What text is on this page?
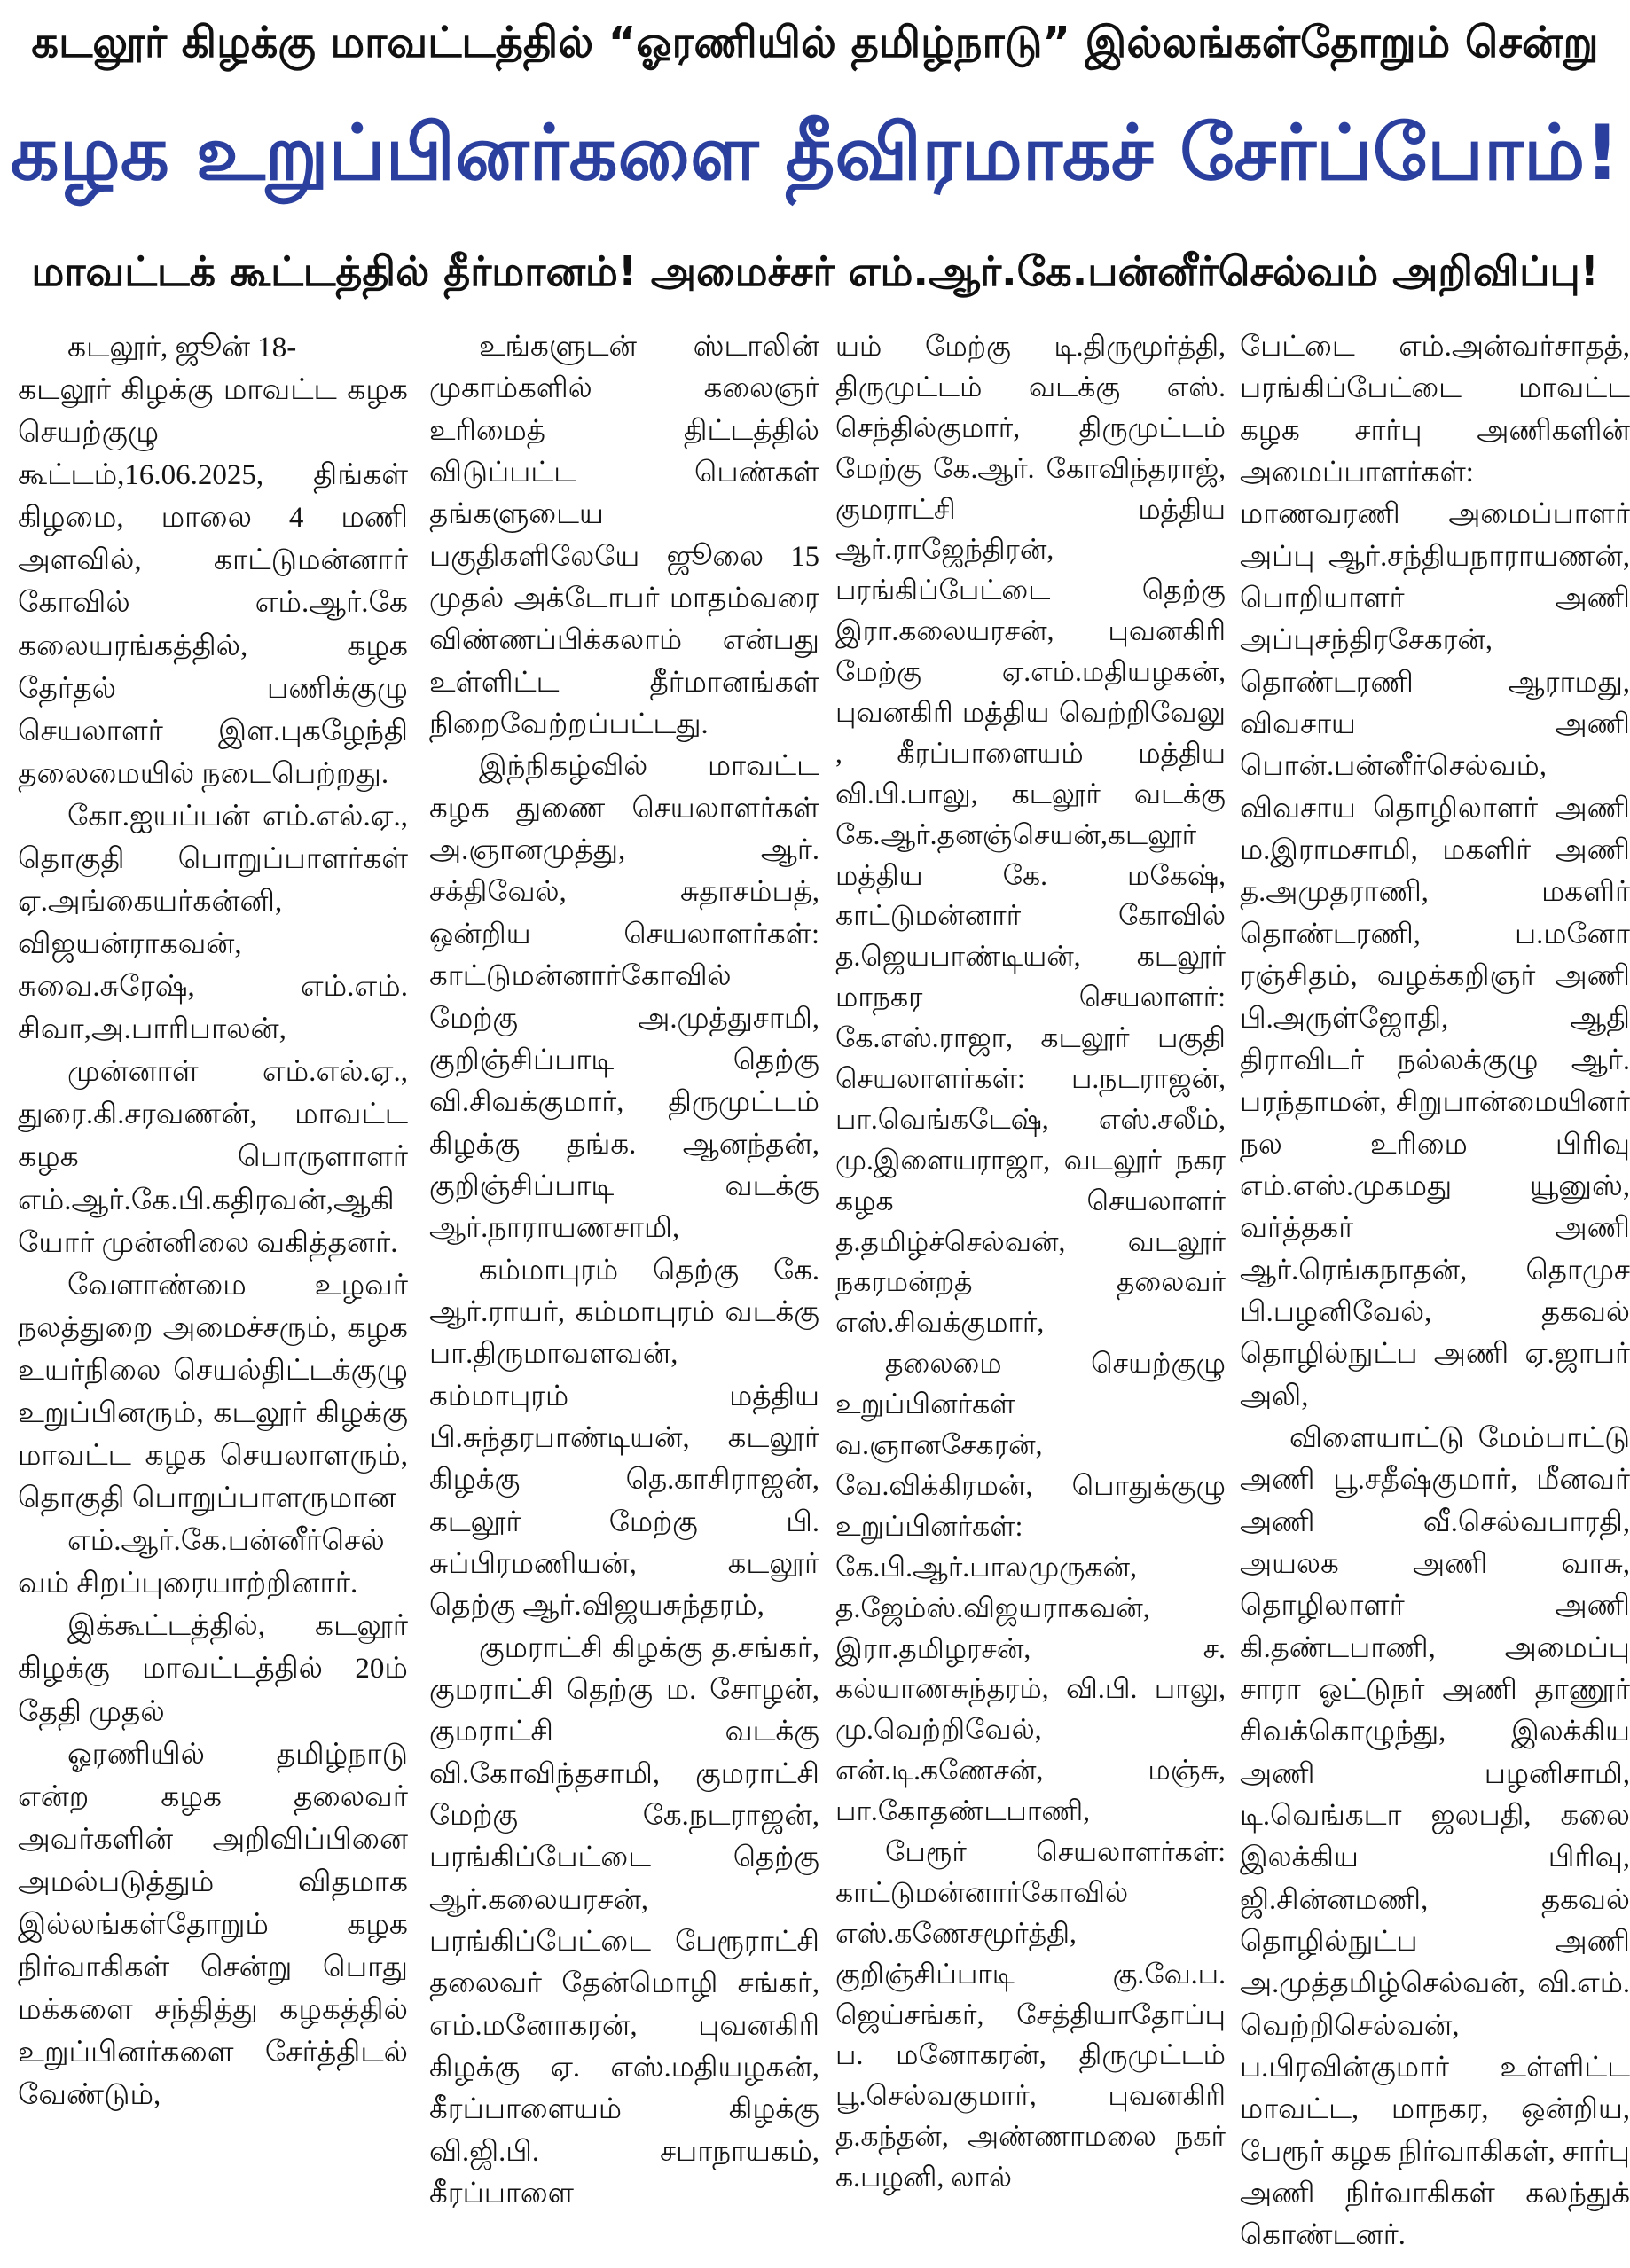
கடலூர் கிழக்கு மாவட்டத்தில் “ஓரணியில் தமிழ்நாடு” இல்லங்கள்தோறும் சென்று
கழக உறுப்பினர்களை தீவிரமாகச் சேர்ப்போம்!
மாவட்டக் கூட்டத்தில் தீர்மானம்! அமைச்சர் எம்.ஆர்.கே.பன்னீர்செல்வம் அறிவிப்பு!

கடலூர், ஜூன் 18-

கடலூர் கிழக்கு மாவட்ட கழக செயற்குழு கூட்டம்,16.06.2025, திங்கள் கிழமை, மாலை 4 மணி அளவில், காட்டுமன்னார் கோவில் எம்.ஆர்.கே கலையரங்கத்தில், கழக தேர்தல் பணிக்குழு செயலாளர் இள.புகழேந்தி தலைமையில் நடைபெற்றது.

கோ.ஐயப்பன் எம்.எல்.ஏ., தொகுதி பொறுப்பாளர்கள் ஏ.அங்கையர்கன்னி, விஜயன்ராகவன், சுவை.சுரேஷ், எம்.எம். சிவா,அ.பாரிபாலன்,

முன்னாள் எம்.எல்.ஏ., துரை.கி.சரவணன், மாவட்ட கழக பொருளாளர் எம்.ஆர்.கே.பி.கதிரவன்,ஆகியோர் முன்னிலை வகித்தனர்.

வேளாண்மை உழவர் நலத்துறை அமைச்சரும், கழக உயர்நிலை செயல்திட்டக்குழு உறுப்பினரும், கடலூர் கிழக்கு மாவட்ட கழக செயலாளரும், தொகுதி பொறுப்பாளருமான

எம்.ஆர்.கே.பன்னீர்செல்வம் சிறப்புரையாற்றினார்.

இக்கூட்டத்தில், கடலூர் கிழக்கு மாவட்டத்தில் 20ம் தேதி முதல்

ஓரணியில் தமிழ்நாடு என்ற கழக தலைவர் அவர்களின் அறிவிப்பினை அமல்படுத்தும் விதமாக இல்லங்கள்தோறும் கழக நிர்வாகிகள் சென்று பொது மக்களை சந்தித்து கழகத்தில் உறுப்பினர்களை சேர்த்திடல் வேண்டும்,

உங்களுடன் ஸ்டாலின் முகாம்களில் கலைஞர் உரிமைத் திட்டத்தில் விடுப்பட்ட பெண்கள் தங்களுடைய பகுதிகளிலேயே ஜூலை 15 முதல் அக்டோபர் மாதம்வரை விண்ணப்பிக்கலாம் என்பது உள்ளிட்ட தீர்மானங்கள் நிறைவேற்றப்பட்டது.

இந்நிகழ்வில் மாவட்ட கழக துணை செயலாளர்கள் அ.ஞானமுத்து, ஆர். சக்திவேல், சுதாசம்பத், ஒன்றிய செயலாளர்கள்: காட்டுமன்னார்கோவில் மேற்கு அ.முத்துசாமி, குறிஞ்சிப்பாடி தெற்கு வி.சிவக்குமார், திருமுட்டம் கிழக்கு தங்க. ஆனந்தன், குறிஞ்சிப்பாடி வடக்கு ஆர்.நாராயணசாமி,

கம்மாபுரம் தெற்கு கே. ஆர்.ராயர், கம்மாபுரம் வடக்கு பா.திருமாவளவன், கம்மாபுரம் மத்திய பி.சுந்தரபாண்டியன், கடலூர் கிழக்கு தெ.காசிராஜன், கடலூர் மேற்கு பி. சுப்பிரமணியன், கடலூர் தெற்கு ஆர்.விஜயசுந்தரம்,

குமராட்சி கிழக்கு த.சங்கர், குமராட்சி தெற்கு ம. சோழன், குமராட்சி வடக்கு வி.கோவிந்தசாமி, குமராட்சி மேற்கு கே.நடராஜன், பரங்கிப்பேட்டை தெற்கு ஆர்.கலையரசன், பரங்கிப்பேட்டை பேரூராட்சி தலைவர் தேன்மொழி சங்கர், எம்.மனோகரன், புவனகிரி கிழக்கு ஏ. எஸ்.மதியழகன், கீரப்பாளையம் கிழக்கு வி.ஜி.பி. சபாநாயகம், கீரப்பாளை

யம் மேற்கு டி.திருமூர்த்தி, திருமுட்டம் வடக்கு எஸ். செந்தில்குமார், திருமுட்டம் மேற்கு கே.ஆர். கோவிந்தராஜ், குமராட்சி மத்திய ஆர்.ராஜேந்திரன், பரங்கிப்பேட்டை தெற்கு இரா.கலையரசன், புவனகிரி மேற்கு ஏ.எம்.மதியழகன், புவனகிரி மத்திய வெற்றிவேலு , கீரப்பாளையம் மத்திய வி.பி.பாலு, கடலூர் வடக்கு கே.ஆர்.தனஞ்செயன்,கடலூர் மத்திய கே. மகேஷ், காட்டுமன்னார் கோவில் த.ஜெயபாண்டியன், கடலூர் மாநகர செயலாளர்: கே.எஸ்.ராஜா, கடலூர் பகுதி செயலாளர்கள்: ப.நடராஜன், பா.வெங்கடேஷ், எஸ்.சலீம், மு.இளையராஜா, வடலூர் நகர கழக செயலாளர் த.தமிழ்ச்செல்வன், வடலூர் நகரமன்றத் தலைவர் எஸ்.சிவக்குமார்,

தலைமை செயற்குழு உறுப்பினர்கள் வ.ஞானசேகரன், வே.விக்கிரமன், பொதுக்குழு உறுப்பினர்கள்: கே.பி.ஆர்.பாலமுருகன், த.ஜேம்ஸ்.விஜயராகவன், இரா.தமிழரசன், ச. கல்யாணசுந்தரம், வி.பி. பாலு, மு.வெற்றிவேல், என்.டி.கணேசன், மஞ்சு, பா.கோதண்டபாணி,

பேரூர் செயலாளர்கள்: காட்டுமன்னார்கோவில் எஸ்.கணேசமூர்த்தி, குறிஞ்சிப்பாடி கு.வே.ப. ஜெய்சங்கர், சேத்தியாதோப்பு ப. மனோகரன், திருமுட்டம் பூ.செல்வகுமார், புவனகிரி த.கந்தன், அண்ணாமலை நகர் க.பழனி, லால்

பேட்டை எம்.அன்வர்சாதத், பரங்கிப்பேட்டை மாவட்ட கழக சார்பு அணிகளின் அமைப்பாளர்கள்: மாணவரணி அமைப்பாளர் அப்பு ஆர்.சந்தியநாராயணன், பொறியாளர் அணி அப்புசந்திரசேகரன், தொண்டரணி ஆராமது, விவசாய அணி பொன்.பன்னீர்செல்வம், விவசாய தொழிலாளர் அணி ம.இராமசாமி, மகளிர் அணி த.அமுதராணி, மகளிர் தொண்டரணி, ப.மனோ ரஞ்சிதம், வழக்கறிஞர் அணி பி.அருள்ஜோதி, ஆதி திராவிடர் நல்லக்குழு ஆர். பரந்தாமன், சிறுபான்மையினர் நல உரிமை பிரிவு எம்.எஸ்.முகமது யூனுஸ், வர்த்தகர் அணி ஆர்.ரெங்கநாதன், தொமுச பி.பழனிவேல், தகவல் தொழில்நுட்ப அணி ஏ.ஜாபர் அலி,

விளையாட்டு மேம்பாட்டு அணி பூ.சதீஷ்குமார், மீனவர் அணி வீ.செல்வபாரதி, அயலக அணி வாசு, தொழிலாளர் அணி கி.தண்டபாணி, அமைப்பு சாரா ஓட்டுநர் அணி தாணூர் சிவக்கொழுந்து, இலக்கிய அணி பழனிசாமி, டி.வெங்கடா ஜலபதி, கலை இலக்கிய பிரிவு, ஜி.சின்னமணி, தகவல் தொழில்நுட்ப அணி அ.முத்தமிழ்செல்வன், வி.எம். வெற்றிசெல்வன், ப.பிரவின்குமார் உள்ளிட்ட மாவட்ட, மாநகர, ஒன்றிய, பேரூர் கழக நிர்வாகிகள், சார்பு அணி நிர்வாகிகள் கலந்துக் கொண்டனர்.
